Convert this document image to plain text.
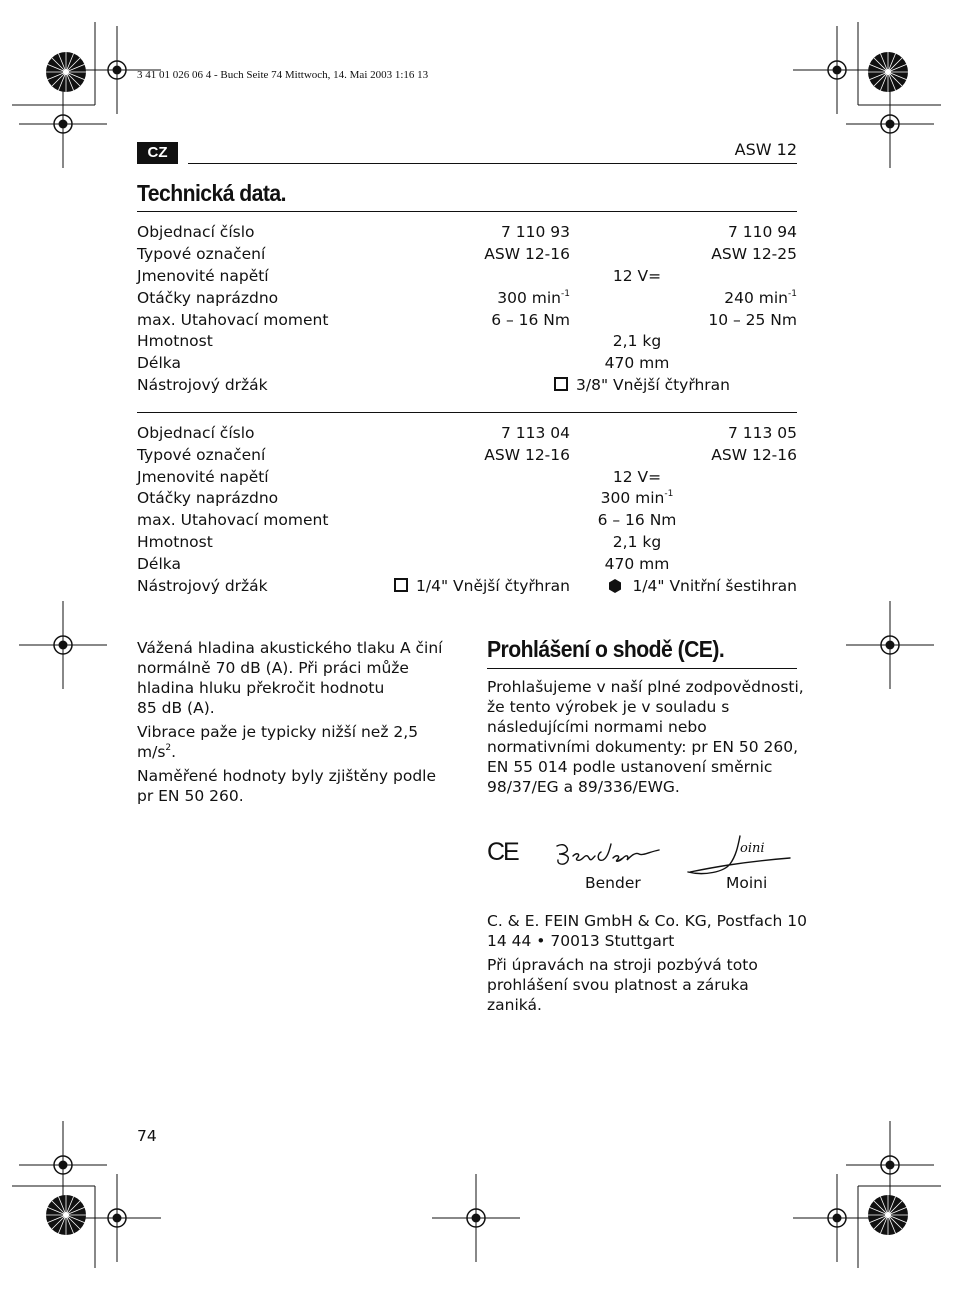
3 41 01 026 06 4 - Buch Seite 74 Mittwoch, 14. Mai 2003 1:16 13
CZ	ASW 12
Technická data.
Objednací číslo	7 110 93	7 110 94
Typové označení	ASW 12-16	ASW 12-25
Jmenovité napětí	12 V=
Otáčky naprázdno	300 $\min^{-1}$	240 $\min^{-1}$
max. Utahovací moment	6 – 16 Nm	10 – 25 Nm
Hmotnost	2,1 kg
Délka	470 mm
Nástrojový držák	3/8" Vnější čtyřhran
Objednací číslo	7 113 04	7 113 05
Typové označení	ASW 12-16	ASW 12-16
Jmenovité napětí	12 V=
Otáčky naprázdno	300 $\min^{-1}$
max. Utahovací moment	6 – 16 Nm
Hmotnost	2,1 kg
Délka	470 mm
Nástrojový držák	1/4" Vnější čtyřhran	1/4" Vnitřní šestihran

Vážená hladina akustického tlaku A činí
normálně 70 dB (A). Při práci může
hladina hluku překročit hodnotu
85 dB (A).

Vibrace paže je typicky nižší než 2,5 $m/s^2$.

Naměřené hodnoty byly zjištěny podle
pr EN 50 260.

Prohlášení o shodě (CE).
Prohlašujeme v naší plné zodpovědnosti, že tento výrobek je v souladu s následujícími normami nebo normativními dokumenty: pr EN 50 260, EN 55 014 podle ustanovení směrnic 98/37/EG a 89/336/EWG.
CE	oini
Bender	Moini
C. & E. FEIN GmbH & Co. KG, Postfach 10 14 44 • 70013 Stuttgart
Při úpravách na stroji pozbývá toto prohlášení svou platnost a záruka zaniká.
74
